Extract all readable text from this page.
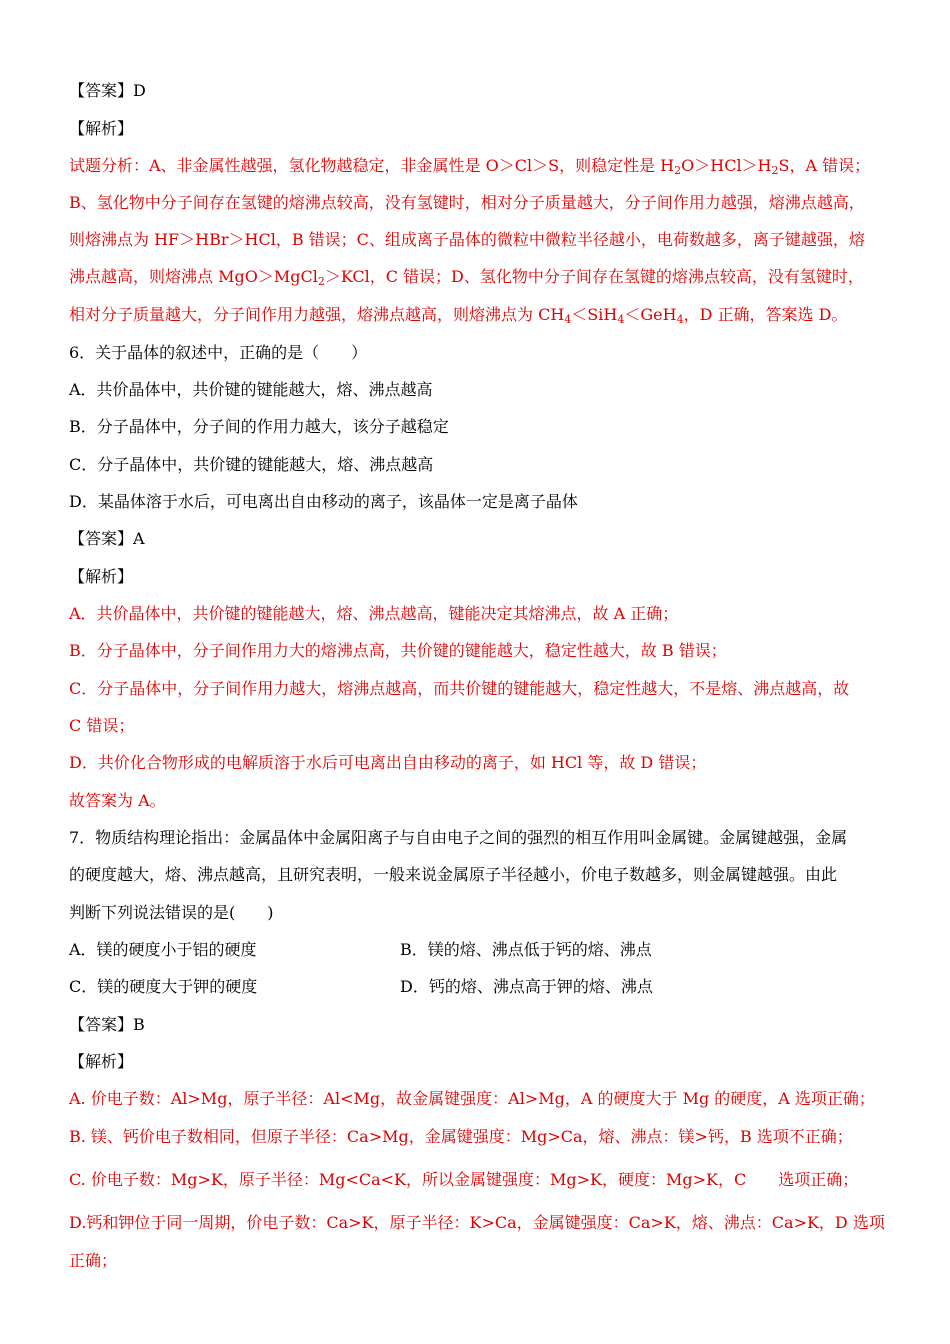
【答案】D
【解析】
试题分析：A、非金属性越强，氢化物越稳定，非金属性是 O＞Cl＞S，则稳定性是 $H_2O>HCl>H_2S$，A 错误；
B、氢化物中分子间存在氢键的熔沸点较高，没有氢键时，相对分子质量越大，分子间作用力越强，熔沸点越高，
则熔沸点为 HF＞HBr＞HCl，B 错误；C、组成离子晶体的微粒中微粒半径越小，电荷数越多，离子键越强，熔
沸点越高，则熔沸点 MgO＞MgCl$_2$＞KCl，C 错误；D、氢化物中分子间存在氢键的熔沸点较高，没有氢键时，
相对分子质量越大，分子间作用力越强，熔沸点越高，则熔沸点为 $CH_4<SiH_4<GeH_4$，D 正确，答案选 D。
6．关于晶体的叙述中，正确的是（　　）
A．共价晶体中，共价键的键能越大，熔、沸点越高
B．分子晶体中，分子间的作用力越大，该分子越稳定
C．分子晶体中，共价键的键能越大，熔、沸点越高
D．某晶体溶于水后，可电离出自由移动的离子，该晶体一定是离子晶体
【答案】A
【解析】
A．共价晶体中，共价键的键能越大，熔、沸点越高，键能决定其熔沸点，故 A 正确；
B．分子晶体中，分子间作用力大的熔沸点高，共价键的键能越大，稳定性越大，故 B 错误；
C．分子晶体中，分子间作用力越大，熔沸点越高，而共价键的键能越大，稳定性越大，不是熔、沸点越高，故
C 错误；
D．共价化合物形成的电解质溶于水后可电离出自由移动的离子，如 HCl 等，故 D 错误；
故答案为 A。
7．物质结构理论指出：金属晶体中金属阳离子与自由电子之间的强烈的相互作用叫金属键。金属键越强，金属
的硬度越大，熔、沸点越高，且研究表明，一般来说金属原子半径越小，价电子数越多，则金属键越强。由此
判断下列说法错误的是(　　)
A．镁的硬度小于铝的硬度	B．镁的熔、沸点低于钙的熔、沸点
C．镁的硬度大于钾的硬度	D．钙的熔、沸点高于钾的熔、沸点
【答案】B
【解析】
A. 价电子数：Al>Mg，原子半径：Al<Mg，故金属键强度：Al>Mg，A 的硬度大于 Mg 的硬度，A 选项正确；
B. 镁、钙价电子数相同，但原子半径：Ca>Mg，金属键强度：Mg>Ca，熔、沸点：镁>钙，B 选项不正确；
C. 价电子数：Mg>K，原子半径：Mg<Ca<K，所以金属键强度：Mg>K，硬度：Mg>K，C　　选项正确；
D.钙和钾位于同一周期，价电子数：Ca>K，原子半径：K>Ca，金属键强度：Ca>K，熔、沸点：Ca>K，D 选项
正确；
